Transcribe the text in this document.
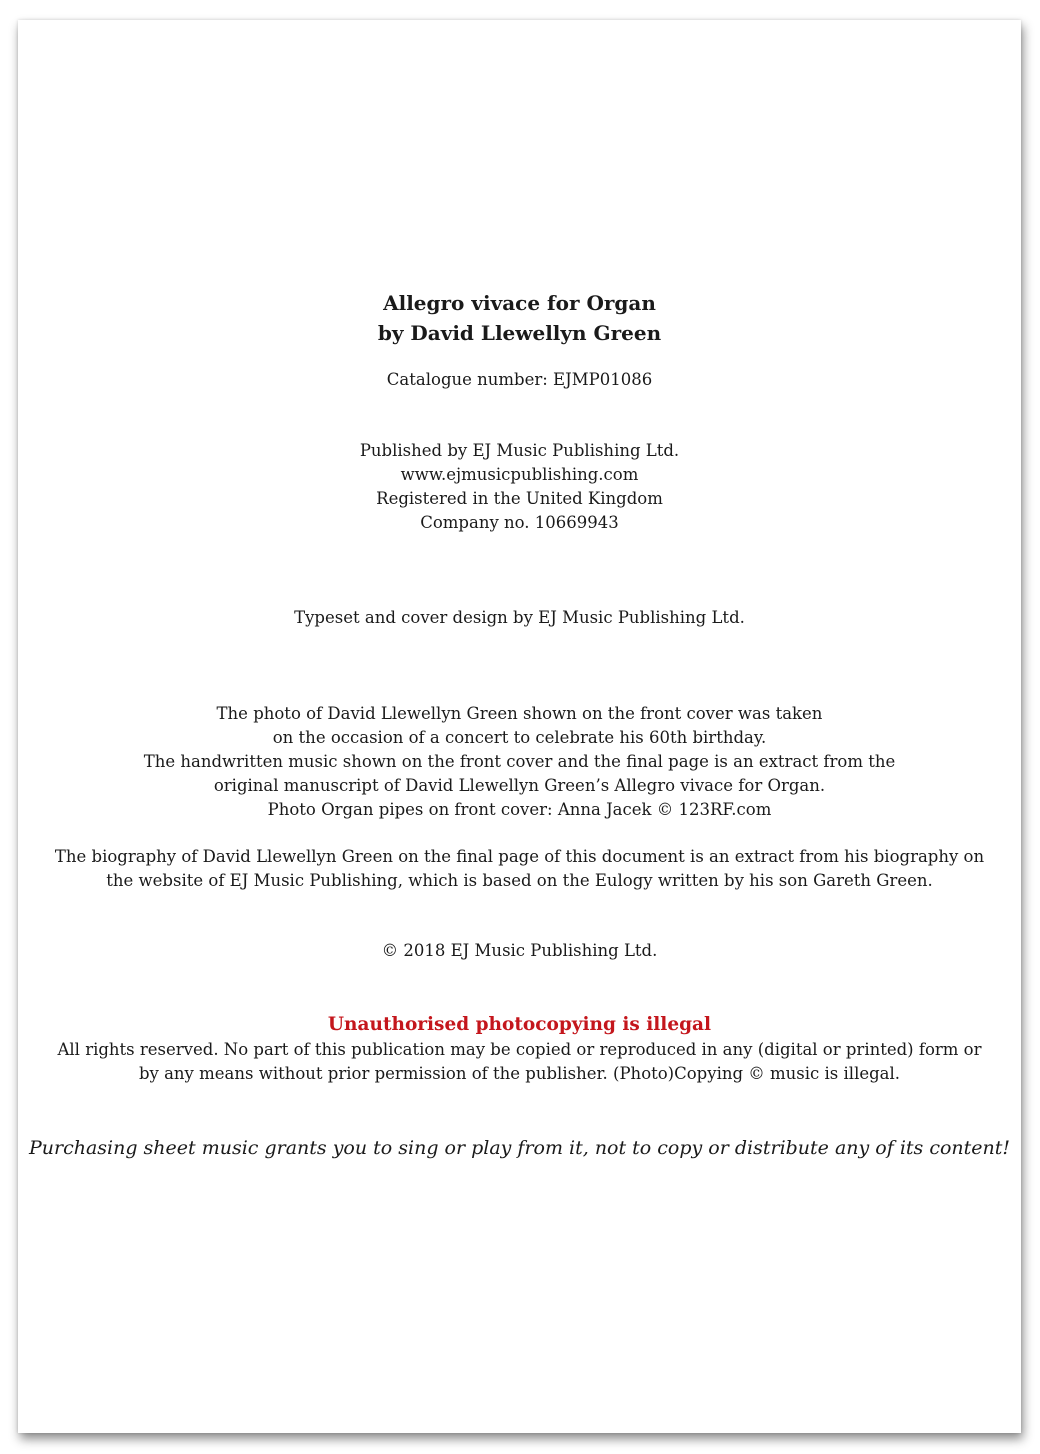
Allegro vivace for Organ
by David Llewellyn Green
Catalogue number: EJMP01086
Published by EJ Music Publishing Ltd.
www.ejmusicpublishing.com
Registered in the United Kingdom
Company no. 10669943
Typeset and cover design by EJ Music Publishing Ltd.
The photo of David Llewellyn Green shown on the front cover was taken
on the occasion of a concert to celebrate his 60th birthday.
The handwritten music shown on the front cover and the final page is an extract from the
original manuscript of David Llewellyn Green’s Allegro vivace for Organ.
Photo Organ pipes on front cover: Anna Jacek © 123RF.com
The biography of David Llewellyn Green on the final page of this document is an extract from his biography on
the website of EJ Music Publishing, which is based on the Eulogy written by his son Gareth Green.
© 2018 EJ Music Publishing Ltd.
Unauthorised photocopying is illegal
All rights reserved. No part of this publication may be copied or reproduced in any (digital or printed) form or
by any means without prior permission of the publisher. (Photo)Copying © music is illegal.
Purchasing sheet music grants you to sing or play from it, not to copy or distribute any of its content!
